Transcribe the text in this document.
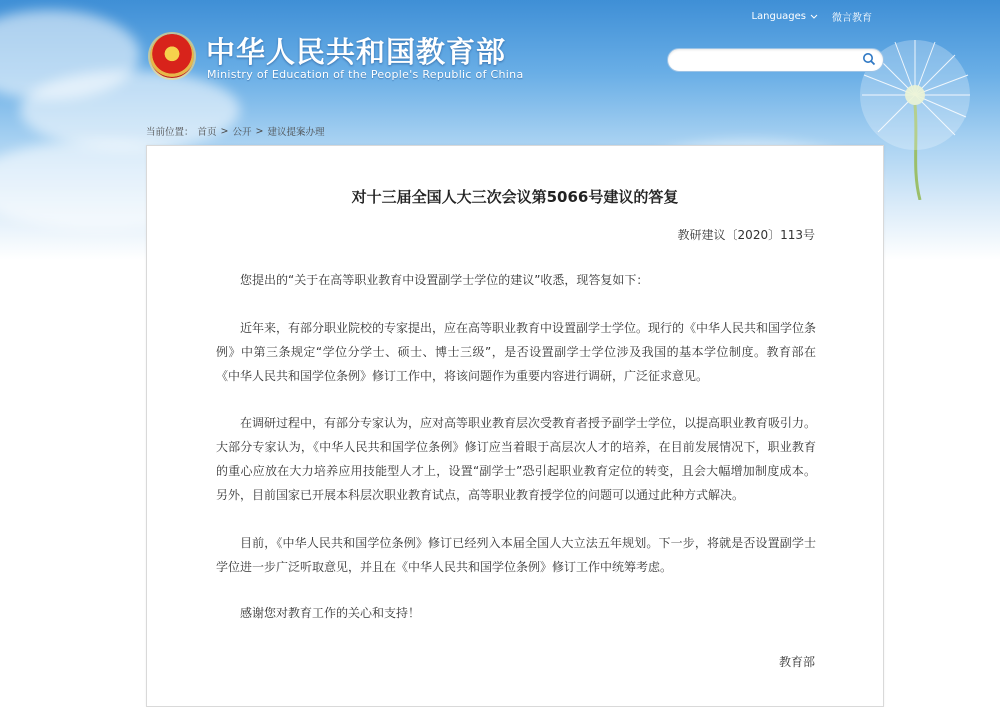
Languages	微言教育
中华人民共和国教育部
Ministry of Education of the People's Republic of China
当前位置： 首页 > 公开 > 建议提案办理
对十三届全国人大三次会议第5066号建议的答复
教研建议〔2020〕113号

您提出的“关于在高等职业教育中设置副学士学位的建议”收悉，现答复如下：

近年来，有部分职业院校的专家提出，应在高等职业教育中设置副学士学位。现行的《中华人民共和国学位条例》中第三条规定“学位分学士、硕士、博士三级”，是否设置副学士学位涉及我国的基本学位制度。教育部在《中华人民共和国学位条例》修订工作中，将该问题作为重要内容进行调研，广泛征求意见。

在调研过程中，有部分专家认为，应对高等职业教育层次受教育者授予副学士学位，以提高职业教育吸引力。大部分专家认为，《中华人民共和国学位条例》修订应当着眼于高层次人才的培养，在目前发展情况下，职业教育的重心应放在大力培养应用技能型人才上，设置“副学士”恐引起职业教育定位的转变，且会大幅增加制度成本。另外，目前国家已开展本科层次职业教育试点，高等职业教育授学位的问题可以通过此种方式解决。

目前，《中华人民共和国学位条例》修订已经列入本届全国人大立法五年规划。下一步，将就是否设置副学士学位进一步广泛听取意见，并且在《中华人民共和国学位条例》修订工作中统筹考虑。

感谢您对教育工作的关心和支持！

教育部
